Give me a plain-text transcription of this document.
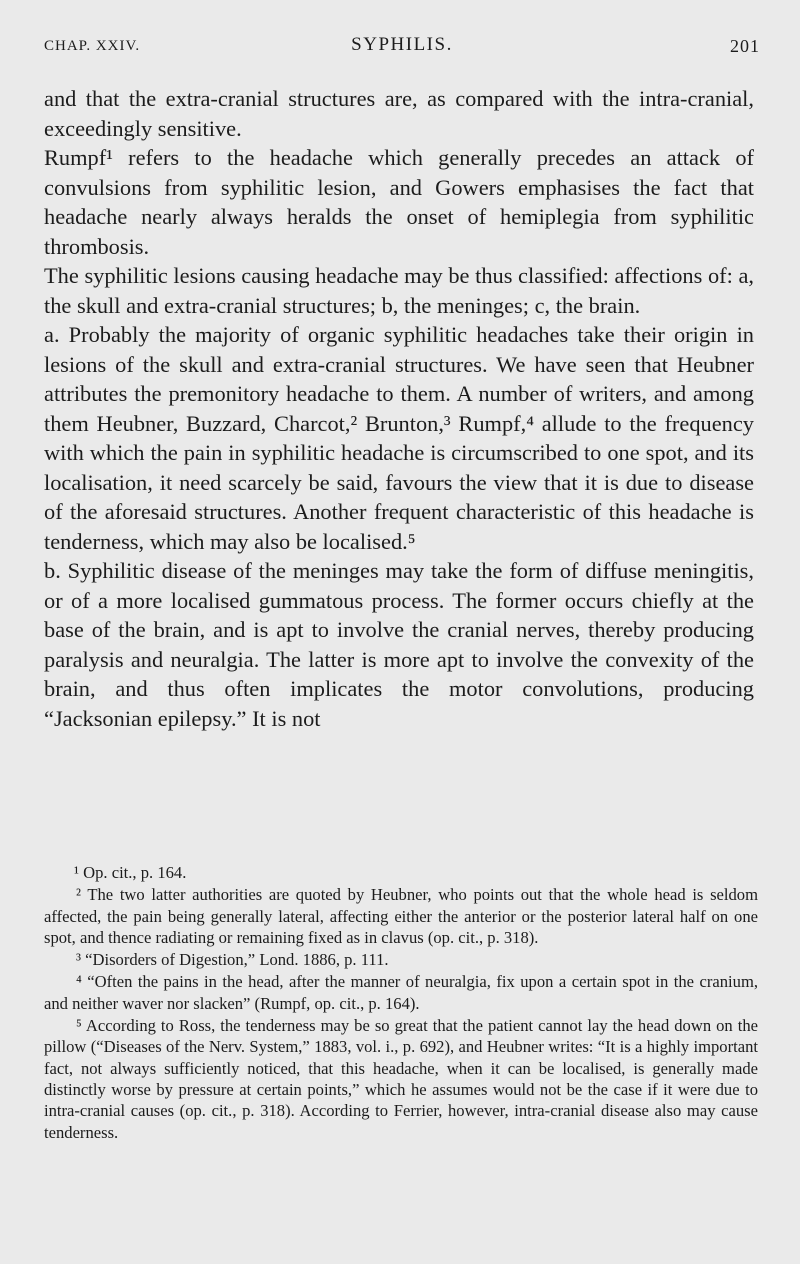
CHAP. XXIV.	SYPHILIS.	201

and that the extra-cranial structures are, as compared with the intra-cranial, exceedingly sensitive.

Rumpf¹ refers to the headache which generally precedes an attack of convulsions from syphilitic lesion, and Gowers emphasises the fact that headache nearly always heralds the onset of hemiplegia from syphilitic thrombosis.

The syphilitic lesions causing headache may be thus classified: affections of: a, the skull and extra-cranial structures; b, the meninges; c, the brain.

a. Probably the majority of organic syphilitic headaches take their origin in lesions of the skull and extra-cranial structures. We have seen that Heubner attributes the premonitory headache to them. A number of writers, and among them Heubner, Buzzard, Charcot,² Brunton,³ Rumpf,⁴ allude to the frequency with which the pain in syphilitic headache is circumscribed to one spot, and its localisation, it need scarcely be said, favours the view that it is due to disease of the aforesaid structures. Another frequent characteristic of this headache is tenderness, which may also be localised.⁵

b. Syphilitic disease of the meninges may take the form of diffuse meningitis, or of a more localised gummatous process. The former occurs chiefly at the base of the brain, and is apt to involve the cranial nerves, thereby producing paralysis and neuralgia. The latter is more apt to involve the convexity of the brain, and thus often implicates the motor convolutions, producing “Jacksonian epilepsy.” It is not

¹ Op. cit., p. 164.

² The two latter authorities are quoted by Heubner, who points out that the whole head is seldom affected, the pain being generally lateral, affecting either the anterior or the posterior lateral half on one spot, and thence radiating or remaining fixed as in clavus (op. cit., p. 318).

³ “Disorders of Digestion,” Lond. 1886, p. 111.

⁴ “Often the pains in the head, after the manner of neuralgia, fix upon a certain spot in the cranium, and neither waver nor slacken” (Rumpf, op. cit., p. 164).

⁵ According to Ross, the tenderness may be so great that the patient cannot lay the head down on the pillow (“Diseases of the Nerv. System,” 1883, vol. i., p. 692), and Heubner writes: “It is a highly important fact, not always sufficiently noticed, that this headache, when it can be localised, is generally made distinctly worse by pressure at certain points,” which he assumes would not be the case if it were due to intra-cranial causes (op. cit., p. 318). According to Ferrier, however, intra-cranial disease also may cause tenderness.
